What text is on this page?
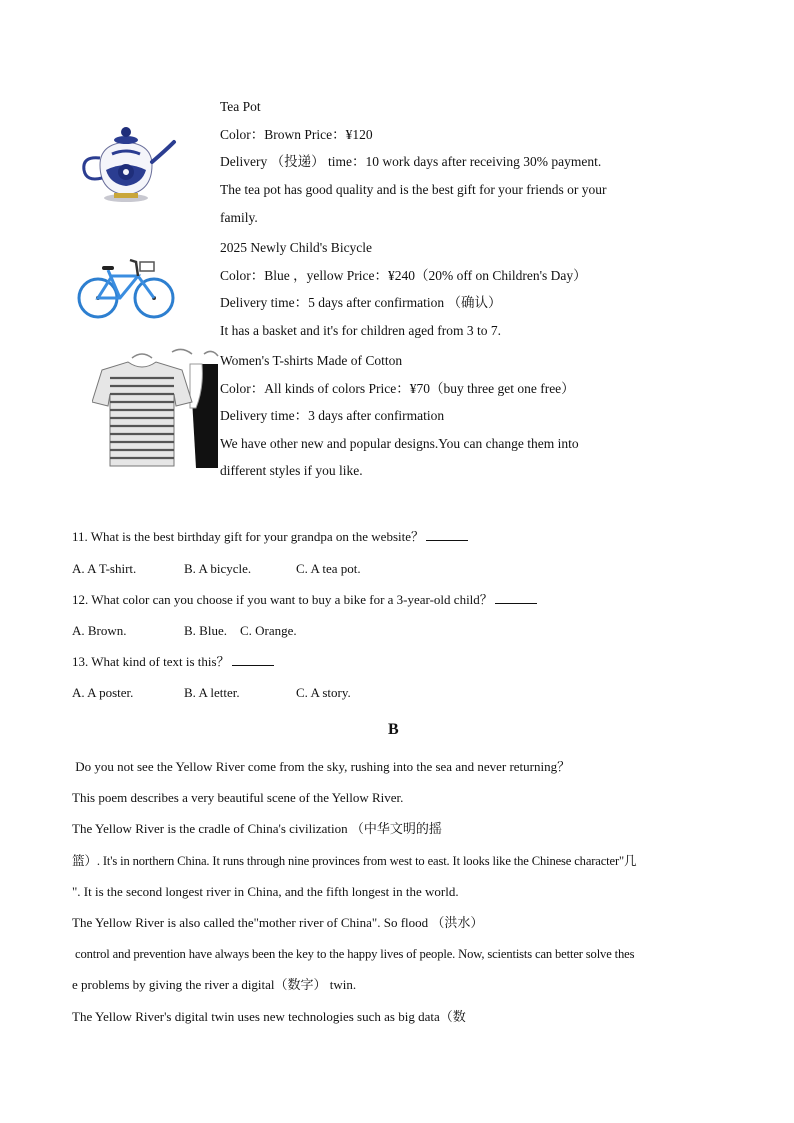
Tea Pot
Color：Brown Price：¥120
Delivery （投递） time：10 work days after receiving 30% payment.
The tea pot has good quality and is the best gift for your friends or your
family.
2025 Newly Child's Bicycle
Color：Blue ，yellow Price：¥240（20% off on Children's Day）
Delivery time：5 days after confirmation （确认）
It has a basket and it's for children aged from 3 to 7.
Women's T-shirts Made of Cotton
Color：All kinds of colors Price：¥70（buy three get one free）
Delivery time：3 days after confirmation
We have other new and popular designs.You can change them into
different styles if you like.
11. What is the best birthday gift for your grandpa on the website？
A. A T-shirt.	B. A bicycle.	C. A tea pot.
12. What color can you choose if you want to buy a bike for a 3-year-old child？
A. Brown.	B. Blue. C. Orange.
13. What kind of text is this？
A. A poster.	B. A letter.	C. A story.
B
Do you not see the Yellow River come from the sky, rushing into the sea and never returning？
This poem describes a very beautiful scene of the Yellow River.
The Yellow River is the cradle of China's civilization （中华文明的摇
篮）. It's in northern China. It runs through nine provinces from west to east. It looks like the Chinese character"几
". It is the second longest river in China, and the fifth longest in the world.
The Yellow River is also called the"mother river of China". So flood （洪水）
control and prevention have always been the key to the happy lives of people. Now, scientists can better solve thes
e problems by giving the river a digital（数字） twin.
The Yellow River's digital twin uses new technologies such as big data（数
